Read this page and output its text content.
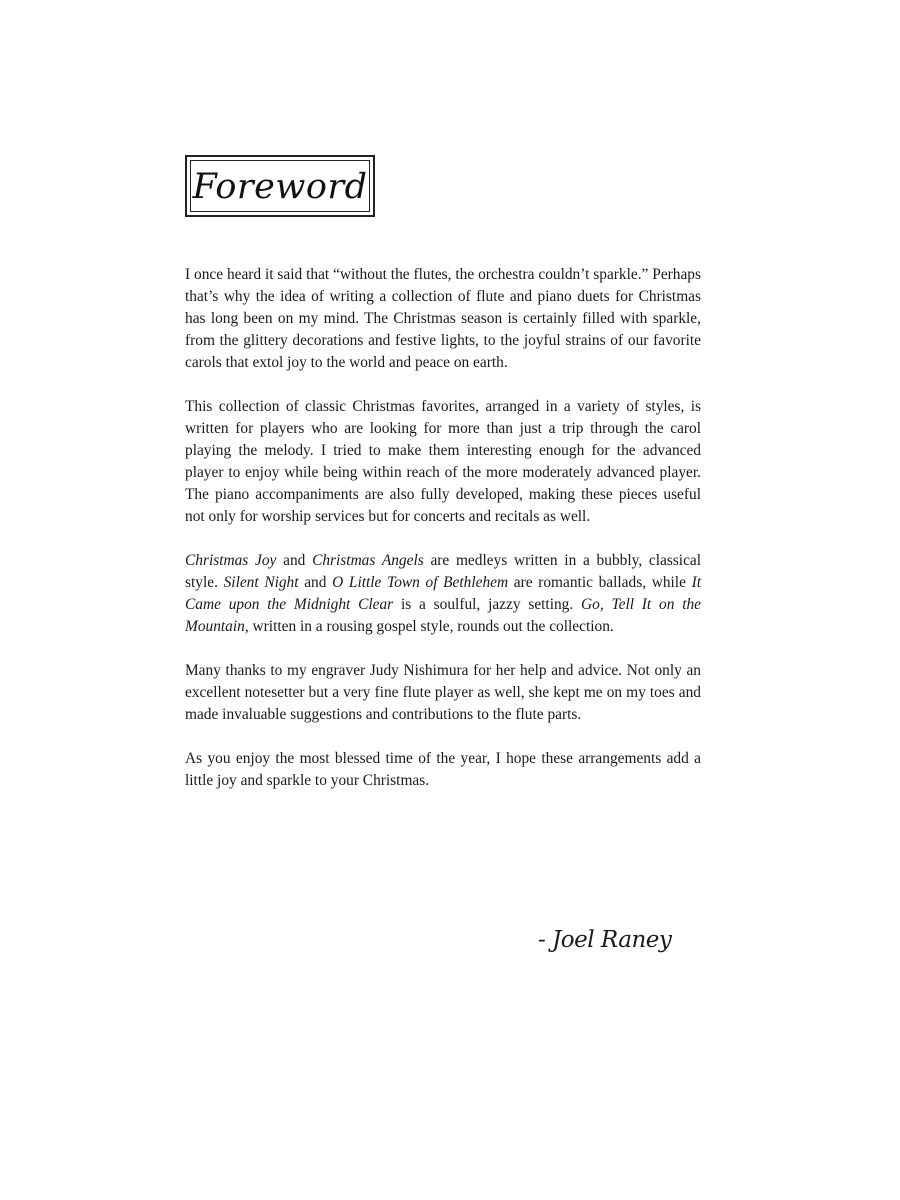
Foreword

I once heard it said that “without the flutes, the orchestra couldn’t sparkle.” Perhaps that’s why the idea of writing a collection of flute and piano duets for Christmas has long been on my mind. The Christmas season is certainly filled with sparkle, from the glittery decorations and festive lights, to the joyful strains of our favorite carols that extol joy to the world and peace on earth.

This collection of classic Christmas favorites, arranged in a variety of styles, is written for players who are looking for more than just a trip through the carol playing the melody. I tried to make them interesting enough for the advanced player to enjoy while being within reach of the more moderately advanced player. The piano accompaniments are also fully developed, making these pieces useful not only for worship services but for concerts and recitals as well.

Christmas Joy and Christmas Angels are medleys written in a bubbly, classical style. Silent Night and O Little Town of Bethlehem are romantic ballads, while It Came upon the Midnight Clear is a soulful, jazzy setting. Go, Tell It on the Mountain, written in a rousing gospel style, rounds out the collection.

Many thanks to my engraver Judy Nishimura for her help and advice. Not only an excellent notesetter but a very fine flute player as well, she kept me on my toes and made invaluable suggestions and contributions to the flute parts.

As you enjoy the most blessed time of the year, I hope these arrangements add a little joy and sparkle to your Christmas.

- Joel Raney
